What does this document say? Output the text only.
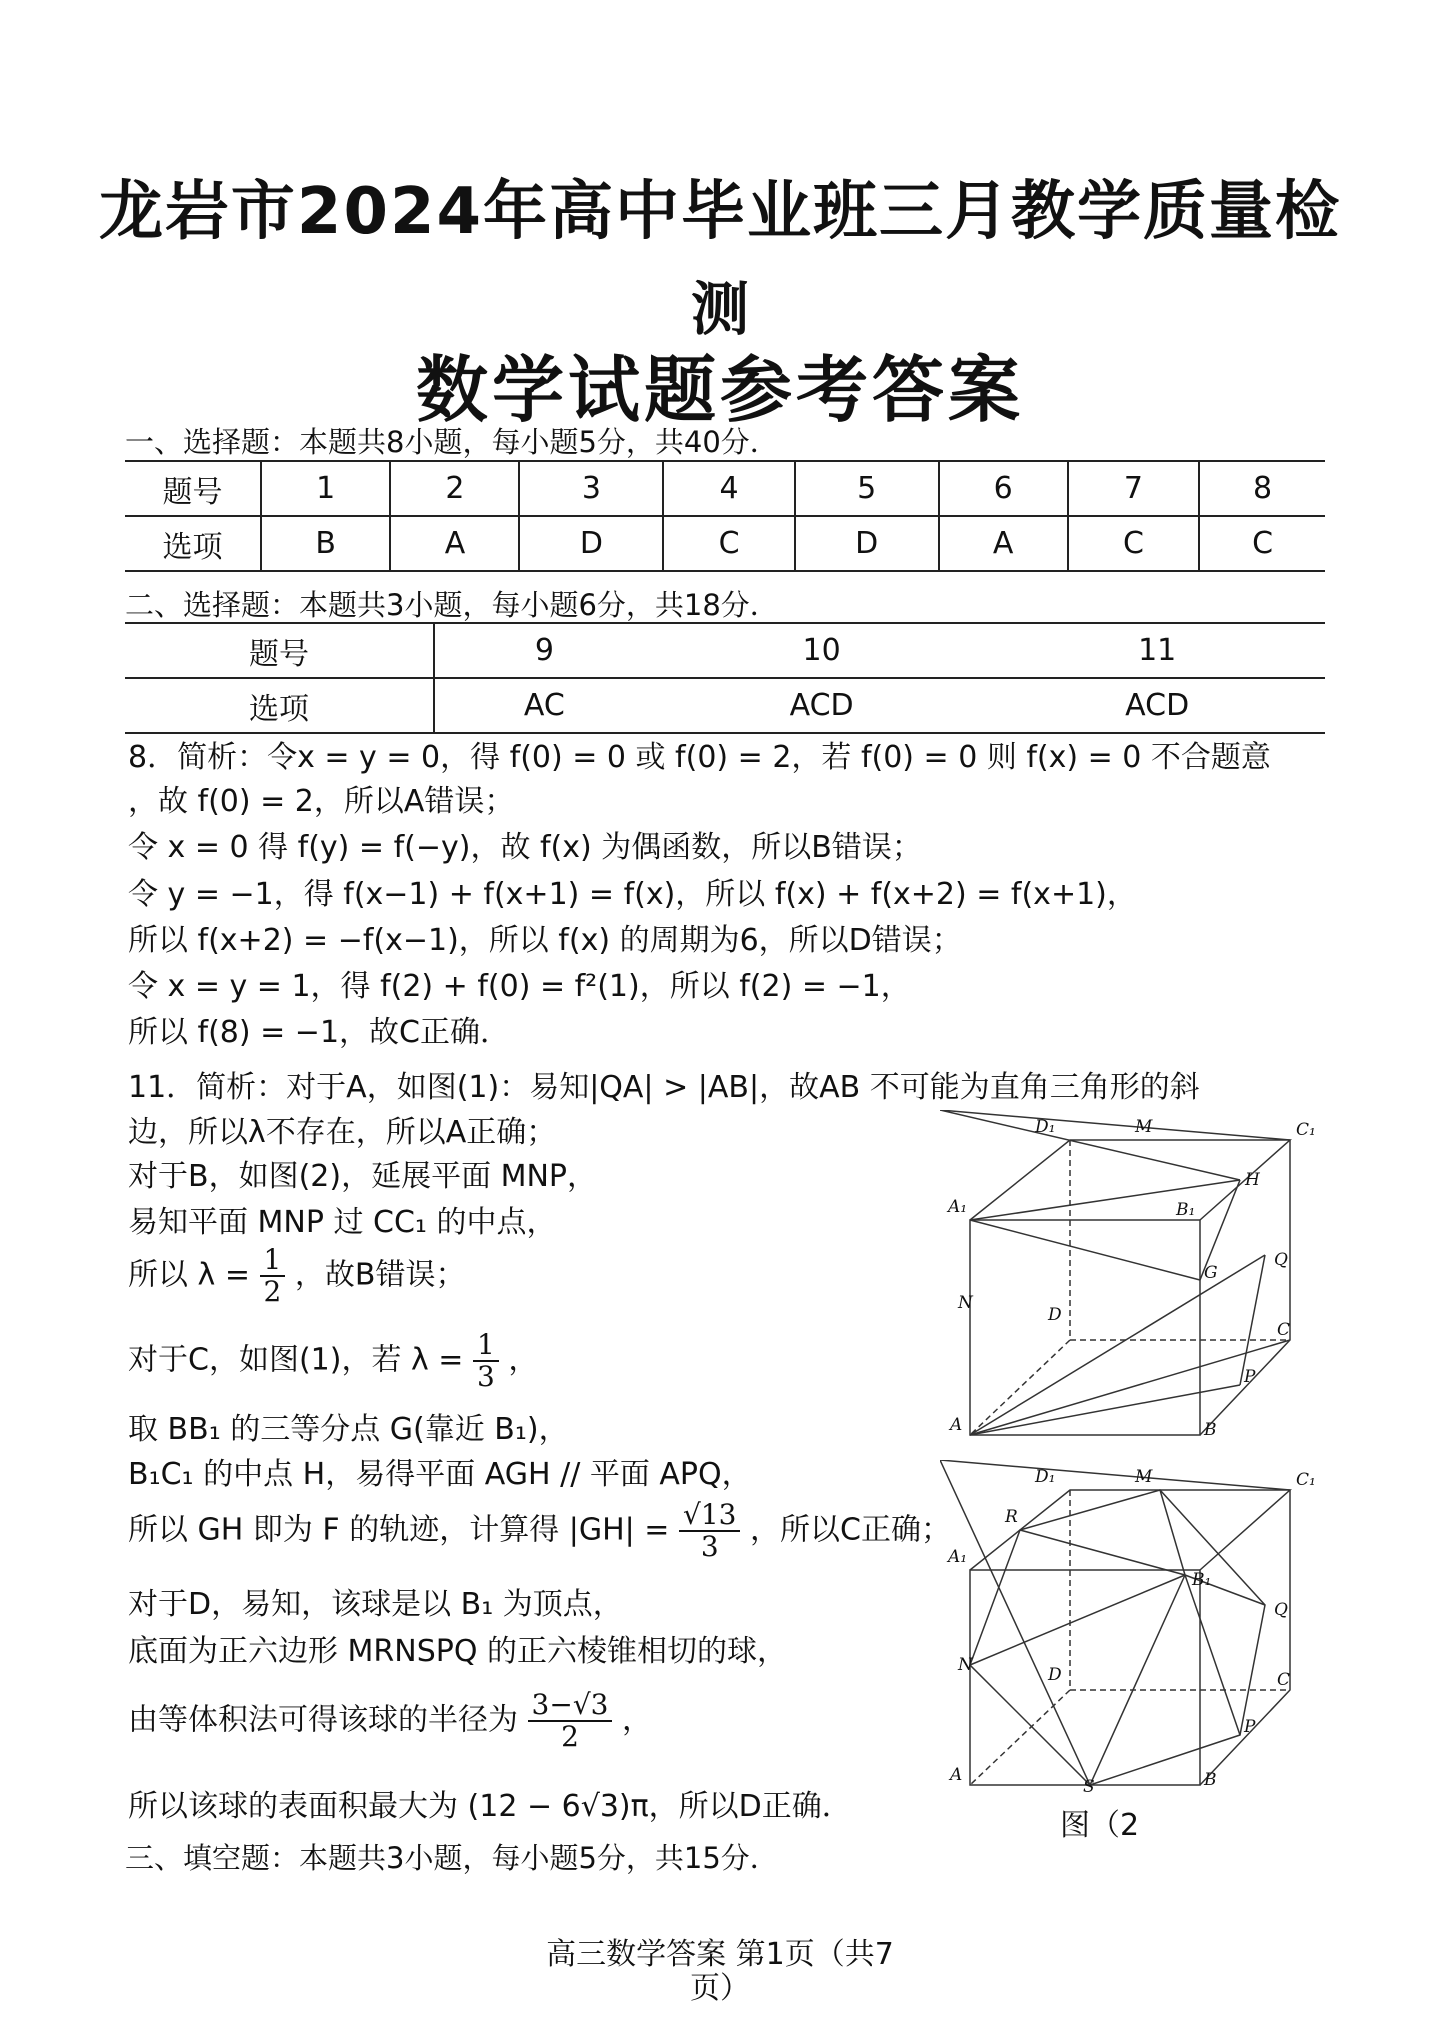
龙岩市2024年高中毕业班三月教学质量检
测
数学试题参考答案
一、选择题：本题共8小题，每小题5分，共40分．
题号	1	2	3	4	5	6	7	8
选项	B	A	D	C	D	A	C	C
二、选择题：本题共3小题，每小题6分，共18分．
题号	9	10	11
选项	AC	ACD	ACD
8．简析：令x = y = 0，得 f(0) = 0 或 f(0) = 2，若 f(0) = 0 则 f(x) = 0 不合题意
，故 f(0) = 2，所以A错误；
令 x = 0 得 f(y) = f(−y)，故 f(x) 为偶函数，所以B错误；
令 y = −1，得 f(x−1) + f(x+1) = f(x)，所以 f(x) + f(x+2) = f(x+1)，
所以 f(x+2) = −f(x−1)，所以 f(x) 的周期为6，所以D错误；
令 x = y = 1，得 f(2) + f(0) = f²(1)，所以 f(2) = −1，
所以 f(8) = −1，故C正确．
11．简析：对于A，如图(1)：易知|QA| > |AB|，故AB 不可能为直角三角形的斜
边，所以λ不存在，所以A正确；
对于B，如图(2)，延展平面 MNP，
易知平面 MNP 过 CC₁ 的中点，
所以 $\lambda = \frac{1}{2}$ ，故B错误；
对于C，如图(1)，若 $\lambda = \frac{1}{3}$ ，
取 BB₁ 的三等分点 G(靠近 B₁)，
B₁C₁ 的中点 H，易得平面 AGH // 平面 APQ，
所以 GH 即为 F 的轨迹，计算得 $|GH| = \frac{√13}{3}$ ，所以C正确；
对于D，易知，该球是以 B₁ 为顶点，
底面为正六边形 MRNSPQ 的正六棱锥相切的球，
由等体积法可得该球的半径为 $\frac{3-√3}{2}$ ，
所以该球的表面积最大为 (12 − 6√3)π，所以D正确．
三、填空题：本题共3小题，每小题5分，共15分．
D₁	M
A₁	B₁
C₁
H
G
Q
N
D
C
P
A	B
D₁	M
R
A₁
B₁
C₁
Q
N	D	C
P
A
S	B
图（2
高三数学答案 第1页（共7
页）
